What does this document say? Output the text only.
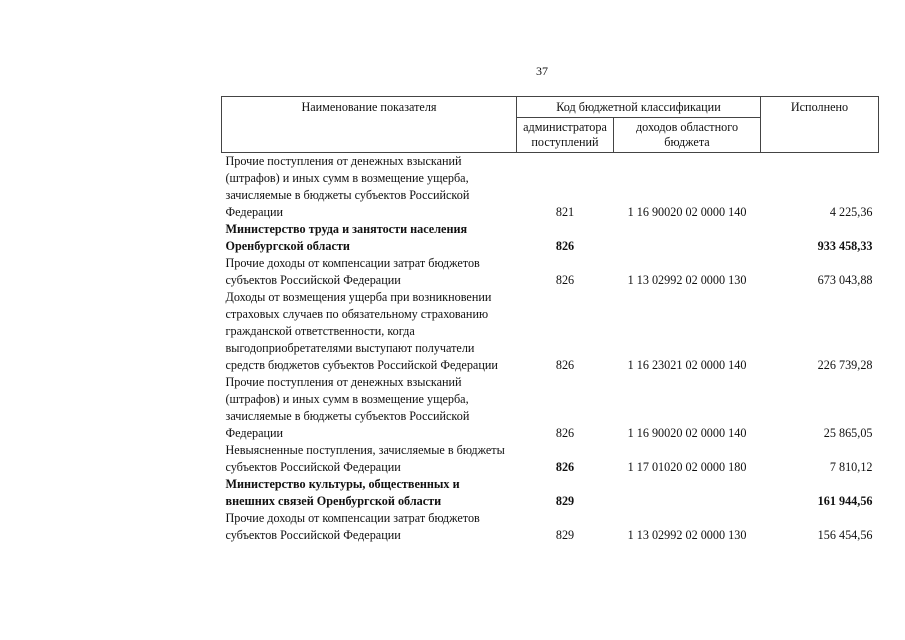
37
Наименование показателя	Код бюджетной классификации		Исполнено

	администратора
поступлений	доходов областного
бюджета	

Прочие поступления от денежных взысканий
(штрафов) и иных сумм в возмещение ущерба,
зачисляемые в бюджеты субъектов Российской
Федерации	821	1 16 90020 02 0000 140	4 225,36

Министерство труда и занятости населения
Оренбургской области	826		933 458,33

Прочие доходы от компенсации затрат бюджетов
субъектов Российской Федерации	826	1 13 02992 02 0000 130	673 043,88

Доходы от возмещения ущерба при возникновении
страховых случаев по обязательному страхованию
гражданской ответственности, когда
выгодоприобретателями выступают получатели
средств бюджетов субъектов Российской Федерации	826	1 16 23021 02 0000 140	226 739,28

Прочие поступления от денежных взысканий
(штрафов) и иных сумм в возмещение ущерба,
зачисляемые в бюджеты субъектов Российской
Федерации	826	1 16 90020 02 0000 140	25 865,05

Невыясненные поступления, зачисляемые в бюджеты
субъектов Российской Федерации	826	1 17 01020 02 0000 180	7 810,12

Министерство культуры, общественных и
внешних связей Оренбургской области	829		161 944,56

Прочие доходы от компенсации затрат бюджетов
субъектов Российской Федерации	829	1 13 02992 02 0000 130	156 454,56
